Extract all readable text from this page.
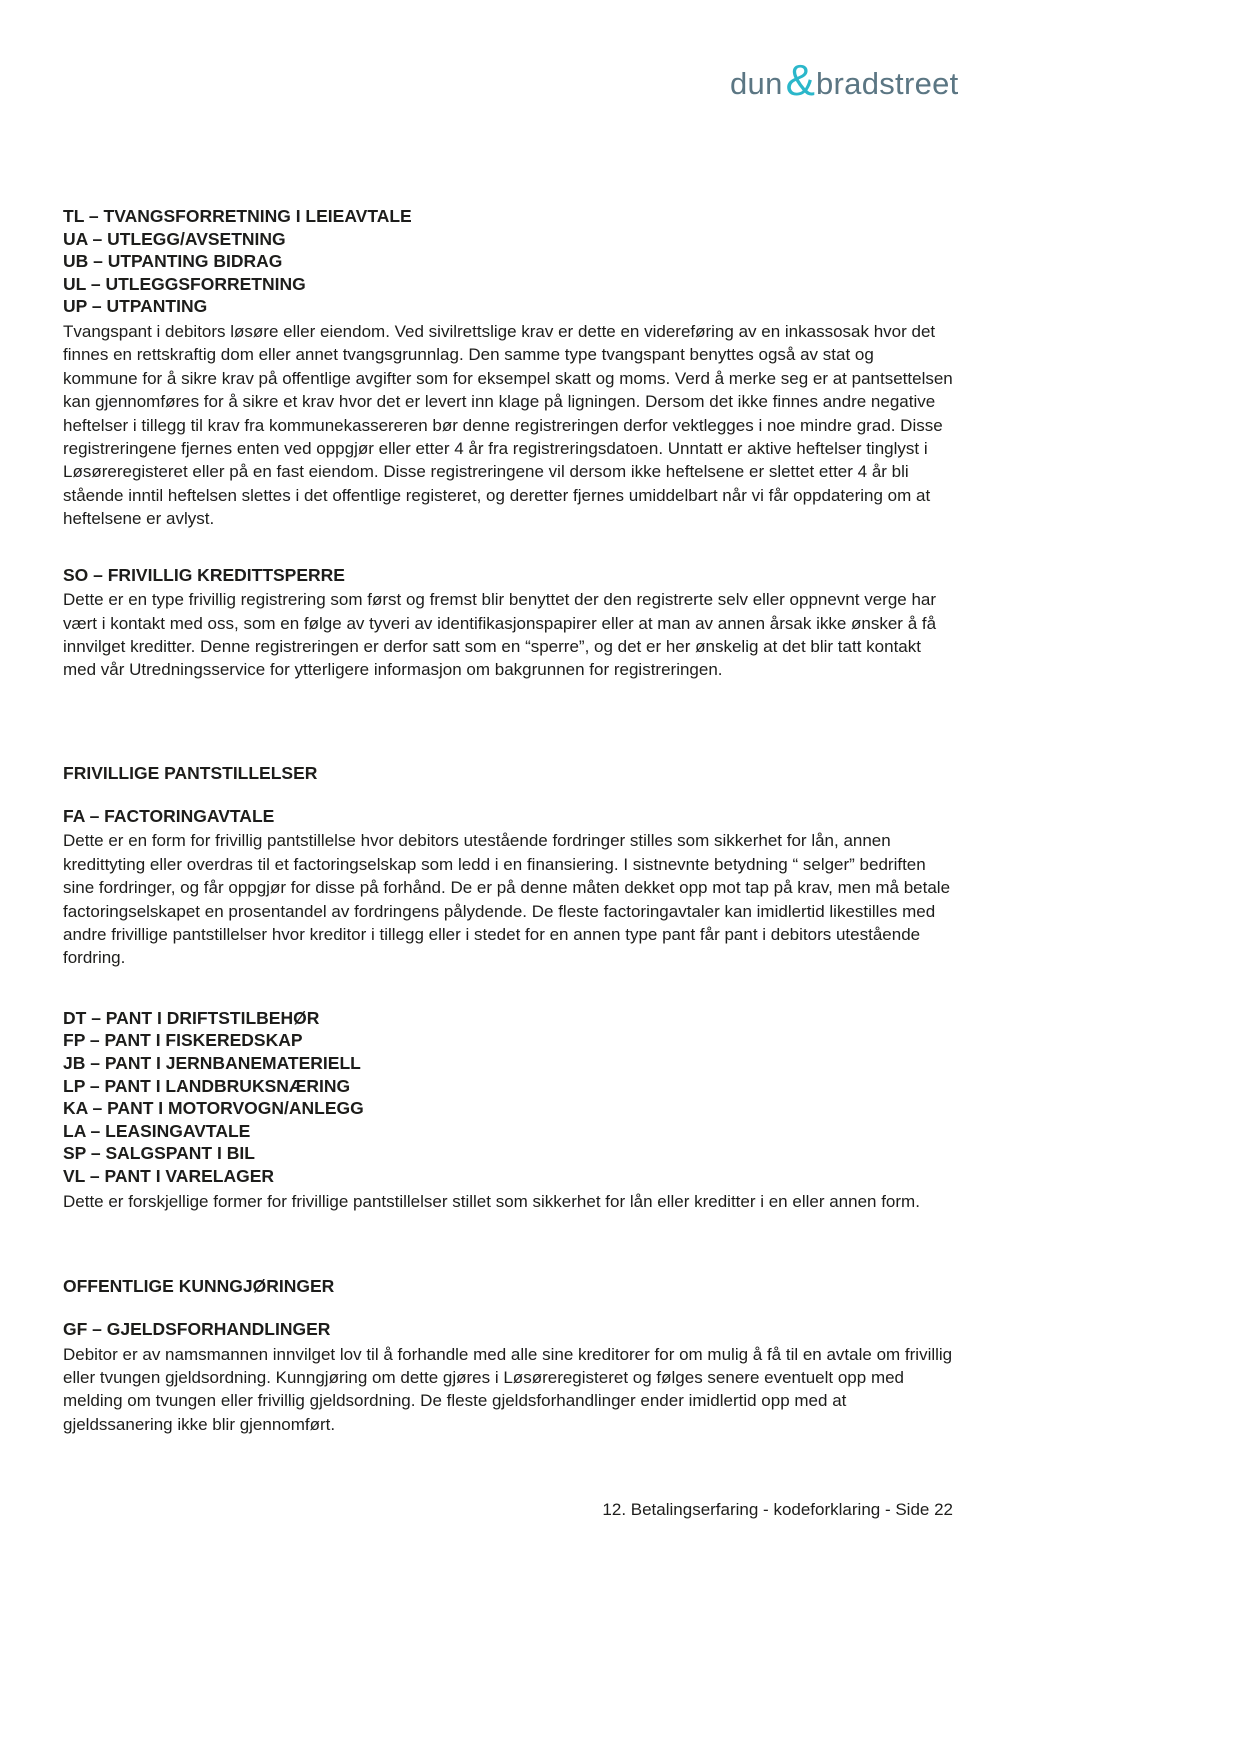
dun & bradstreet
TL – TVANGSFORRETNING I LEIEAVTALE
UA – UTLEGG/AVSETNING
UB – UTPANTING BIDRAG
UL – UTLEGGSFORRETNING
UP – UTPANTING

Tvangspant i debitors løsøre eller eiendom. Ved sivilrettslige krav er dette en videreføring av en inkassosak hvor det finnes en rettskraftig dom eller annet tvangsgrunnlag. Den samme type tvangspant benyttes også av stat og kommune for å sikre krav på offentlige avgifter som for eksempel skatt og moms. Verd å merke seg er at pantsettelsen kan gjennomføres for å sikre et krav hvor det er levert inn klage på ligningen. Dersom det ikke finnes andre negative heftelser i tillegg til krav fra kommunekassereren bør denne registreringen derfor vektlegges i noe mindre grad. Disse registreringene fjernes enten ved oppgjør eller etter 4 år fra registreringsdatoen. Unntatt er aktive heftelser tinglyst i Løsøreregisteret eller på en fast eiendom. Disse registreringene vil dersom ikke heftelsene er slettet etter 4 år bli stående inntil heftelsen slettes i det offentlige registeret, og deretter fjernes umiddelbart når vi får oppdatering om at heftelsene er avlyst.

SO – FRIVILLIG KREDITTSPERRE

Dette er en type frivillig registrering som først og fremst blir benyttet der den registrerte selv eller oppnevnt verge har vært i kontakt med oss, som en følge av tyveri av identifikasjonspapirer eller at man av annen årsak ikke ønsker å få innvilget kreditter. Denne registreringen er derfor satt som en “sperre”, og det er her ønskelig at det blir tatt kontakt med vår Utredningsservice for ytterligere informasjon om bakgrunnen for registreringen.

FRIVILLIGE PANTSTILLELSER
FA – FACTORINGAVTALE

Dette er en form for frivillig pantstillelse hvor debitors utestående fordringer stilles som sikkerhet for lån, annen kredittyting eller overdras til et factoringselskap som ledd i en finansiering. I sistnevnte betydning “ selger” bedriften sine fordringer, og får oppgjør for disse på forhånd. De er på denne måten dekket opp mot tap på krav, men må betale factoringselskapet en prosentandel av fordringens pålydende. De fleste factoringavtaler kan imidlertid likestilles med andre frivillige pantstillelser hvor kreditor i tillegg eller i stedet for en annen type pant får pant i debitors utestående fordring.

DT – PANT I DRIFTSTILBEHØR
FP – PANT I FISKEREDSKAP
JB – PANT I JERNBANEMATERIELL
LP – PANT I LANDBRUKSNÆRING
KA – PANT I MOTORVOGN/ANLEGG
LA – LEASINGAVTALE
SP – SALGSPANT I BIL
VL – PANT I VARELAGER

Dette er forskjellige former for frivillige pantstillelser stillet som sikkerhet for lån eller kreditter i en eller annen form.

OFFENTLIGE KUNNGJØRINGER
GF – GJELDSFORHANDLINGER

Debitor er av namsmannen innvilget lov til å forhandle med alle sine kreditorer for om mulig å få til en avtale om frivillig eller tvungen gjeldsordning. Kunngjøring om dette gjøres i Løsøreregisteret og følges senere eventuelt opp med melding om tvungen eller frivillig gjeldsordning. De fleste gjeldsforhandlinger ender imidlertid opp med at gjeldssanering ikke blir gjennomført.

12. Betalingserfaring - kodeforklaring - Side 22
